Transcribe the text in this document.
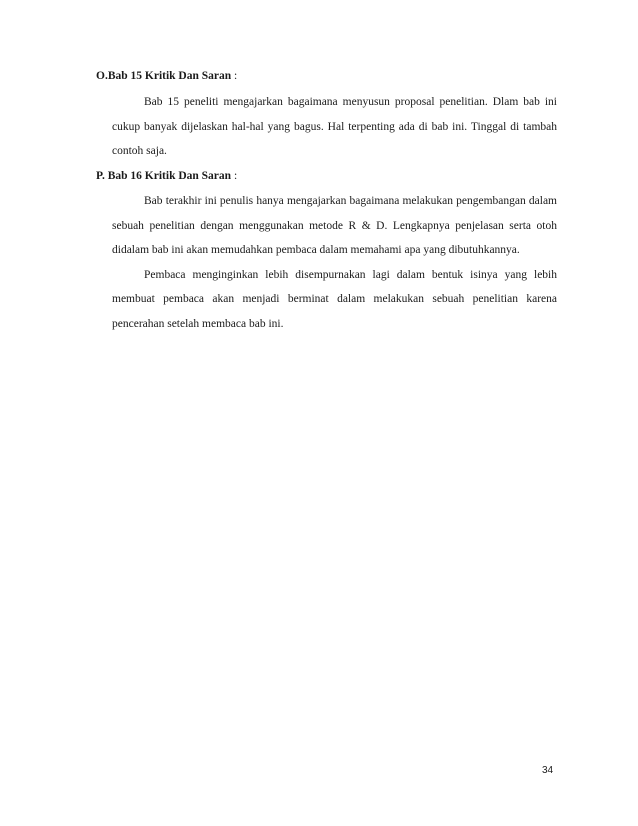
O.Bab 15 Kritik Dan Saran :

Bab 15 peneliti mengajarkan bagaimana menyusun proposal penelitian. Dlam bab ini cukup banyak dijelaskan hal-hal yang bagus. Hal terpenting ada di bab ini. Tinggal di tambah contoh saja.

P. Bab 16 Kritik Dan Saran :

Bab terakhir ini penulis hanya mengajarkan bagaimana melakukan pengembangan dalam sebuah penelitian dengan menggunakan metode R & D. Lengkapnya penjelasan serta otoh didalam bab ini akan memudahkan pembaca dalam memahami apa yang dibutuhkannya.

Pembaca menginginkan lebih disempurnakan lagi dalam bentuk isinya yang lebih membuat pembaca akan menjadi berminat dalam melakukan sebuah penelitian karena pencerahan setelah membaca bab ini.

34
